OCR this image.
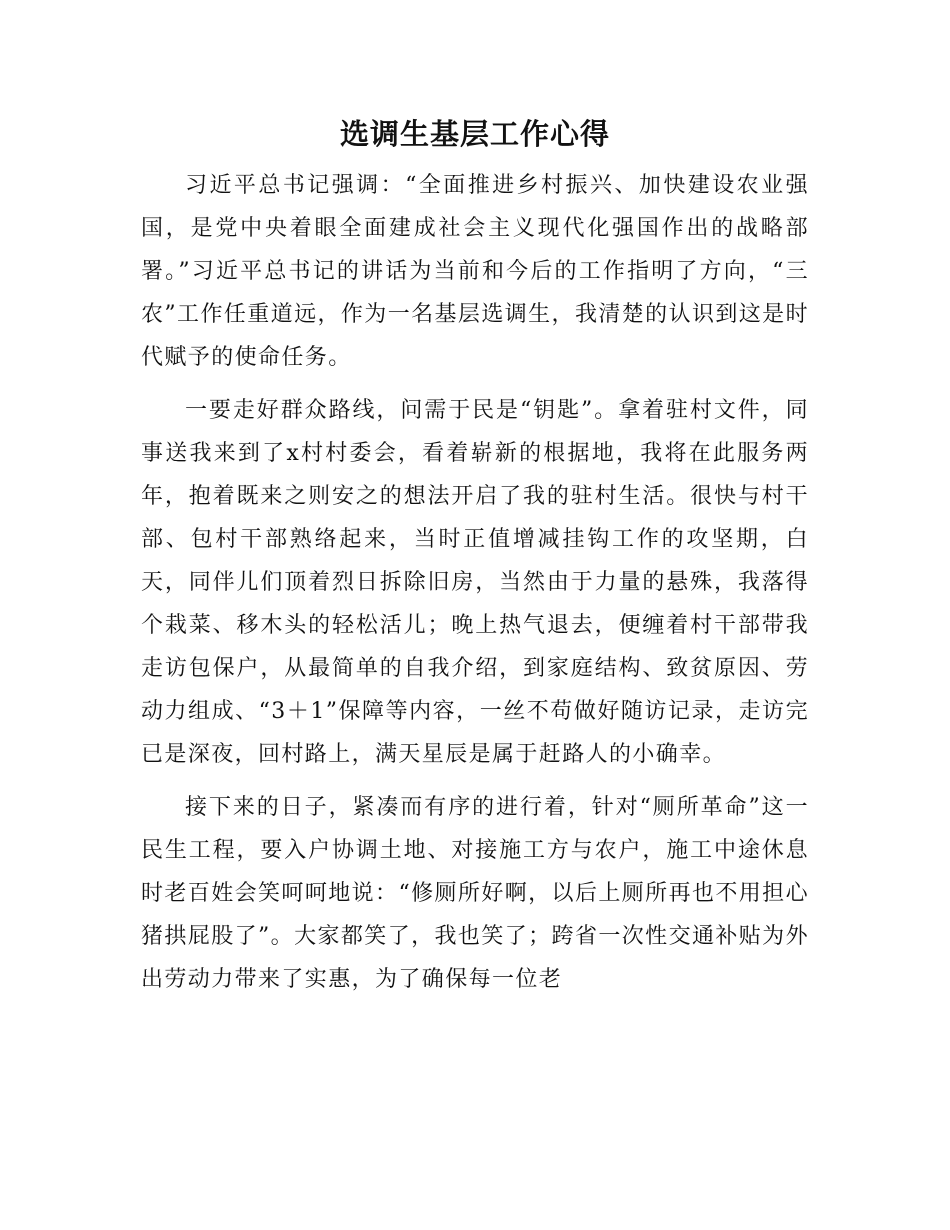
选调生基层工作心得

习近平总书记强调：“全面推进乡村振兴、加快建设农业强国，是党中央着眼全面建成社会主义现代化强国作出的战略部署。”习近平总书记的讲话为当前和今后的工作指明了方向，“三农”工作任重道远，作为一名基层选调生，我清楚的认识到这是时代赋予的使命任务。

一要走好群众路线，问需于民是“钥匙”。拿着驻村文件，同事送我来到了x村村委会，看着崭新的根据地，我将在此服务两年，抱着既来之则安之的想法开启了我的驻村生活。很快与村干部、包村干部熟络起来，当时正值增减挂钩工作的攻坚期，白天，同伴儿们顶着烈日拆除旧房，当然由于力量的悬殊，我落得个栽菜、移木头的轻松活儿；晚上热气退去，便缠着村干部带我走访包保户，从最简单的自我介绍，到家庭结构、致贫原因、劳动力组成、“3＋1”保障等内容，一丝不苟做好随访记录，走访完已是深夜，回村路上，满天星辰是属于赶路人的小确幸。

接下来的日子，紧凑而有序的进行着，针对“厕所革命”这一民生工程，要入户协调土地、对接施工方与农户，施工中途休息时老百姓会笑呵呵地说：“修厕所好啊，以后上厕所再也不用担心猪拱屁股了”。大家都笑了，我也笑了；跨省一次性交通补贴为外出劳动力带来了实惠，为了确保每一位老
